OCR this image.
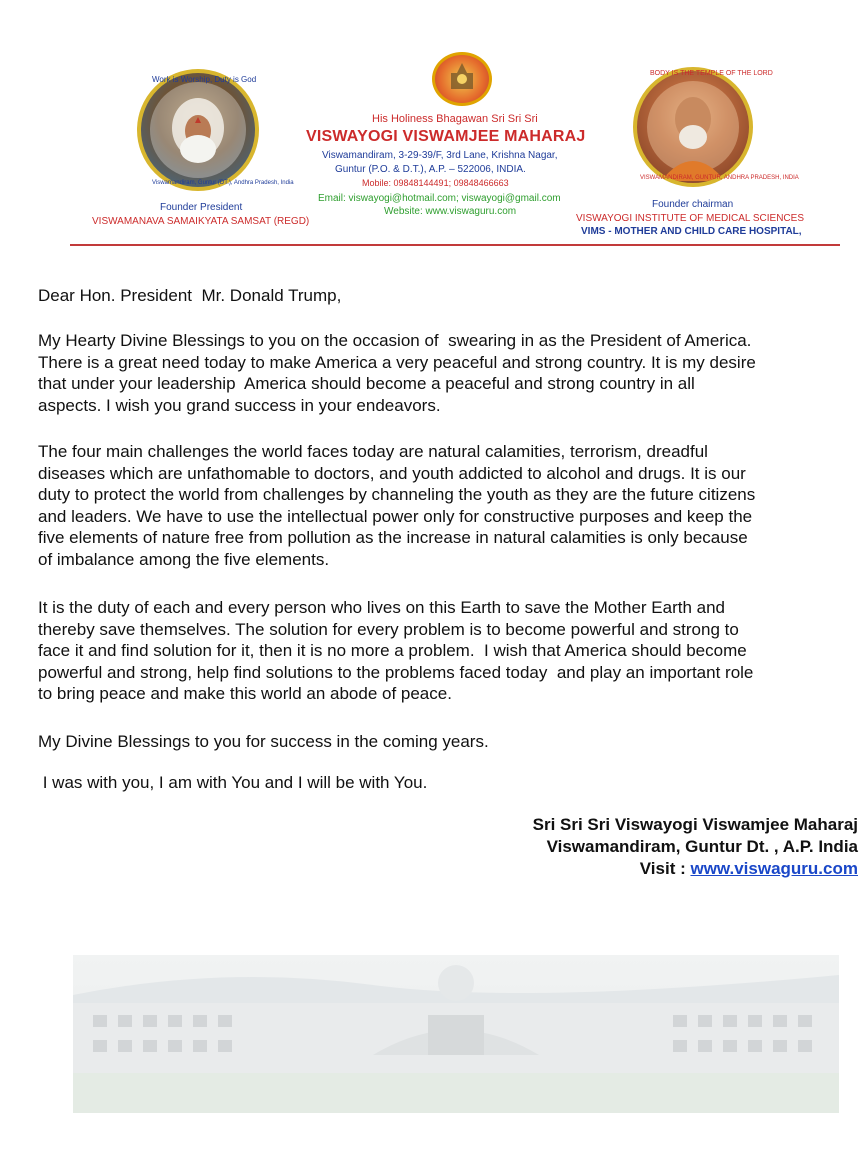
Work is Worship, Duty is God
Viswamandiram, Guntur (DT.), Andhra Pradesh, India
Founder President
VISWAMANAVA SAMAIKYATA SAMSAT (REGD)
BODY IS THE TEMPLE OF THE LORD
VISWAMANDIRAM, GUNTUR, ANDHRA PRADESH, INDIA
Founder chairman
VISWAYOGI INSTITUTE OF MEDICAL SCIENCES
VIMS - MOTHER AND CHILD CARE HOSPITAL,
His Holiness Bhagawan Sri Sri Sri
VISWAYOGI VISWAMJEE MAHARAJ
Viswamandiram, 3-29-39/F, 3rd Lane, Krishna Nagar,
Guntur (P.O. & D.T.), A.P. – 522006, INDIA.
Mobile: 09848144491; 09848466663
Email: viswayogi@hotmail.com; viswayogi@gmail.com
Website: www.viswaguru.com
Dear Hon. President  Mr. Donald Trump,
My Hearty Divine Blessings to you on the occasion of  swearing in as the President of America.
There is a great need today to make America a very peaceful and strong country. It is my desire
that under your leadership  America should become a peaceful and strong country in all
aspects. I wish you grand success in your endeavors.
The four main challenges the world faces today are natural calamities, terrorism, dreadful
diseases which are unfathomable to doctors, and youth addicted to alcohol and drugs. It is our
duty to protect the world from challenges by channeling the youth as they are the future citizens
and leaders. We have to use the intellectual power only for constructive purposes and keep the
five elements of nature free from pollution as the increase in natural calamities is only because
of imbalance among the five elements.
It is the duty of each and every person who lives on this Earth to save the Mother Earth and
thereby save themselves. The solution for every problem is to become powerful and strong to
face it and find solution for it, then it is no more a problem.  I wish that America should become
powerful and strong, help find solutions to the problems faced today  and play an important role
to bring peace and make this world an abode of peace.
My Divine Blessings to you for success in the coming years.
I was with you, I am with You and I will be with You.
Sri Sri Sri Viswayogi Viswamjee Maharaj
Viswamandiram, Guntur Dt. , A.P. India
Visit : www.viswaguru.com
